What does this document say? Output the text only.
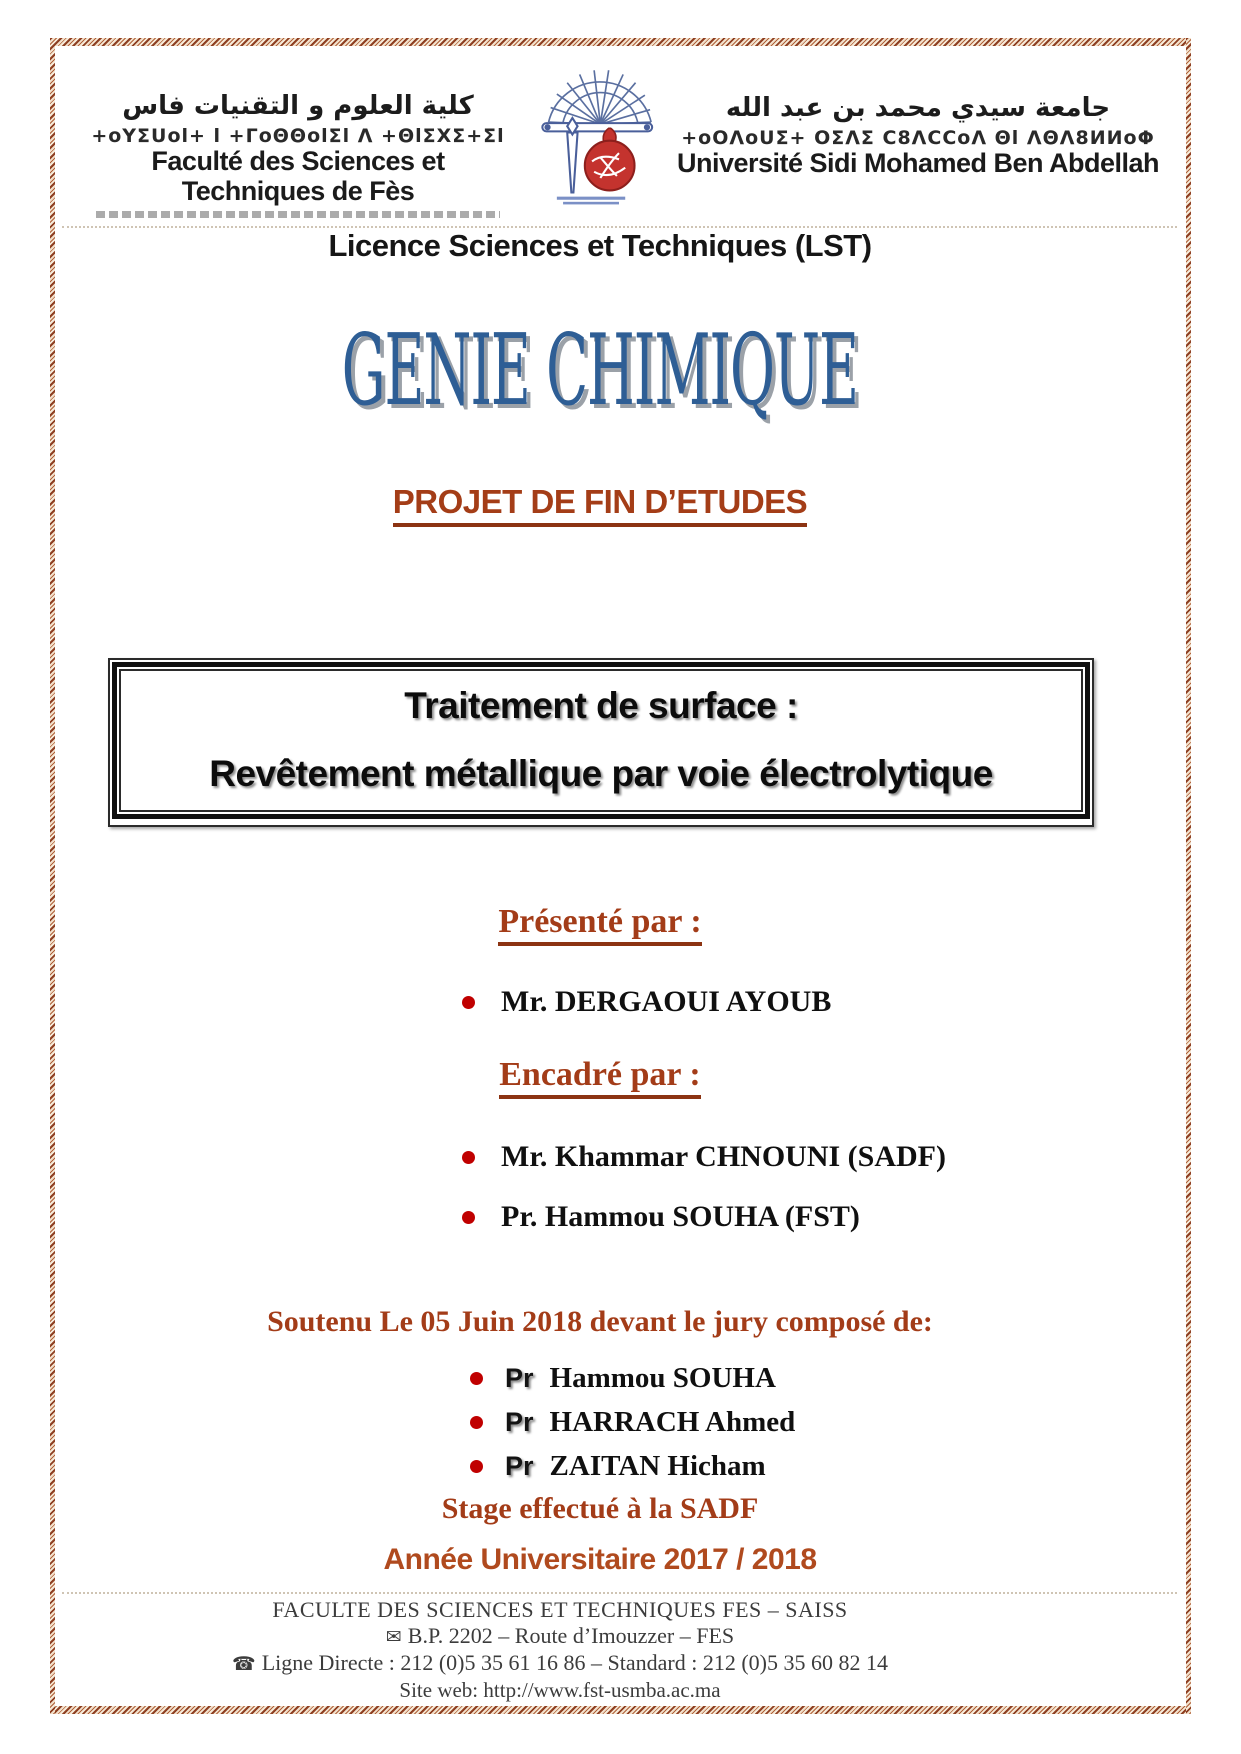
كلية العلوم و التقنيات فاس
+oYΣUol+ l +ΓoΘΘolΣl Λ +ΘlΣXΣ+Σl
Faculté des Sciences et Techniques de Fès
جامعة سيدي محمد بن عبد الله
+oOΛoUΣ+ OΣΛΣ C8ΛCCoΛ Θl ΛΘΛ8ИИoΦ
Université Sidi Mohamed Ben Abdellah
Licence Sciences et Techniques (LST)
GENIE CHIMIQUE
PROJET DE FIN D’ETUDES
Traitement de surface :
Revêtement métallique par voie électrolytique
Présenté par :
Mr. DERGAOUI AYOUB
Encadré par :
Mr. Khammar CHNOUNI (SADF)
Pr. Hammou SOUHA (FST)
Soutenu Le 05 Juin 2018 devant le jury composé de:
Pr Hammou SOUHA
Pr HARRACH Ahmed
Pr ZAITAN Hicham
Stage effectué à la SADF
Année Universitaire 2017 / 2018
FACULTE DES SCIENCES ET TECHNIQUES FES – SAISS
✉ B.P. 2202 – Route d’Imouzzer – FES
☎ Ligne Directe : 212 (0)5 35 61 16 86 – Standard : 212 (0)5 35 60 82 14
Site web: http://www.fst-usmba.ac.ma
